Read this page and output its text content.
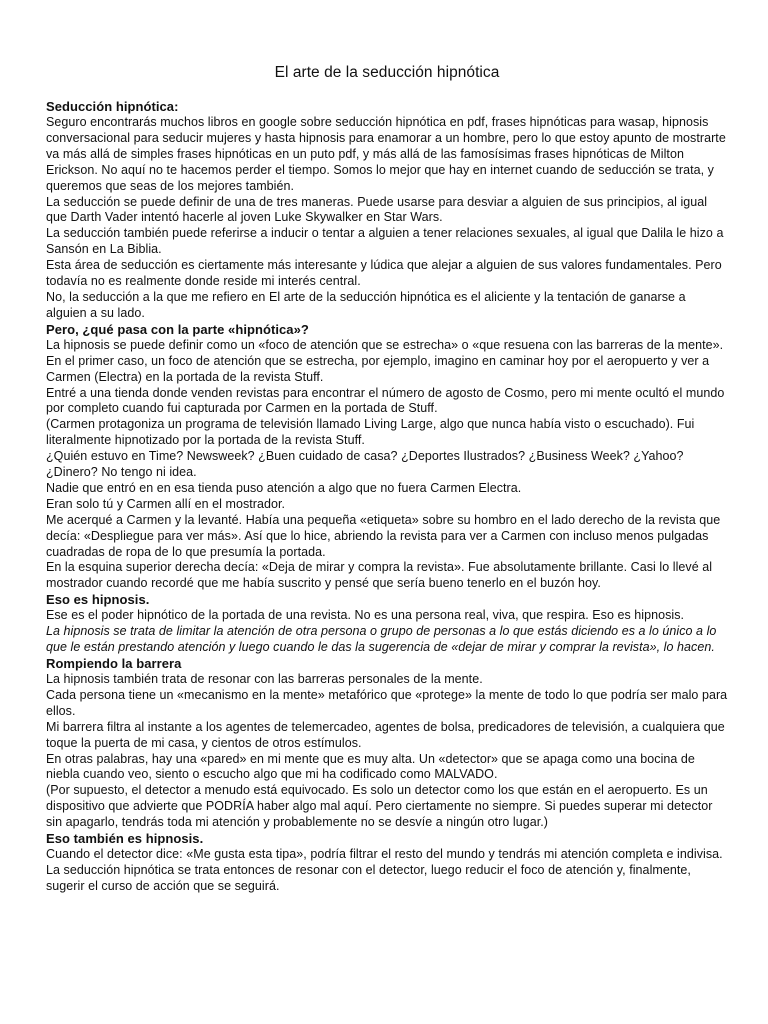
El arte de la seducción hipnótica
Seducción hipnótica:

Seguro encontrarás muchos libros en google sobre seducción hipnótica en pdf, frases hipnóticas para wasap, hipnosis conversacional para seducir mujeres y hasta hipnosis para enamorar a un hombre, pero lo que estoy apunto de mostrarte va más allá de simples frases hipnóticas en un puto pdf, y más allá de las famosísimas frases hipnóticas de Milton Erickson. No aquí no te hacemos perder el tiempo. Somos lo mejor que hay en internet cuando de seducción se trata, y queremos que seas de los mejores también.

La seducción se puede definir de una de tres maneras. Puede usarse para desviar a alguien de sus principios, al igual que Darth Vader intentó hacerle al joven Luke Skywalker en Star Wars.

La seducción también puede referirse a inducir o tentar a alguien a tener relaciones sexuales, al igual que Dalila le hizo a Sansón en La Biblia.

Esta área de seducción es ciertamente más interesante y lúdica que alejar a alguien de sus valores fundamentales. Pero todavía no es realmente donde reside mi interés central.

No, la seducción a la que me refiero en El arte de la seducción hipnótica es el aliciente y la tentación de ganarse a alguien a su lado.

Pero, ¿qué pasa con la parte «hipnótica»?

La hipnosis se puede definir como un «foco de atención que se estrecha» o «que resuena con las barreras de la mente».

En el primer caso, un foco de atención que se estrecha, por ejemplo, imagino en caminar hoy por el aeropuerto y ver a Carmen (Electra) en la portada de la revista Stuff.

Entré a una tienda donde venden revistas para encontrar el número de agosto de Cosmo, pero mi mente ocultó el mundo por completo cuando fui capturada por Carmen en la portada de Stuff.

(Carmen protagoniza un programa de televisión llamado Living Large, algo que nunca había visto o escuchado). Fui literalmente hipnotizado por la portada de la revista Stuff.

¿Quién estuvo en Time? Newsweek? ¿Buen cuidado de casa? ¿Deportes Ilustrados? ¿Business Week? ¿Yahoo? ¿Dinero? No tengo ni idea.

Nadie que entró en en esa tienda puso atención a algo que no fuera Carmen Electra.

Eran solo tú y Carmen allí en el mostrador.

Me acerqué a Carmen y la levanté. Había una pequeña «etiqueta» sobre su hombro en el lado derecho de la revista que decía: «Despliegue para ver más». Así que lo hice, abriendo la revista para ver a Carmen con incluso menos pulgadas cuadradas de ropa de lo que presumía la portada.

En la esquina superior derecha decía: «Deja de mirar y compra la revista». Fue absolutamente brillante. Casi lo llevé al mostrador cuando recordé que me había suscrito y pensé que sería bueno tenerlo en el buzón hoy.

Eso es hipnosis.

Ese es el poder hipnótico de la portada de una revista. No es una persona real, viva, que respira. Eso es hipnosis.

La hipnosis se trata de limitar la atención de otra persona o grupo de personas a lo que estás diciendo es a lo único a lo que le están prestando atención y luego cuando le das la sugerencia de «dejar de mirar y comprar la revista», lo hacen.

Rompiendo la barrera

La hipnosis también trata de resonar con las barreras personales de la mente.

Cada persona tiene un «mecanismo en la mente» metafórico que «protege» la mente de todo lo que podría ser malo para ellos.

Mi barrera filtra al instante a los agentes de telemercadeo, agentes de bolsa, predicadores de televisión, a cualquiera que toque la puerta de mi casa, y cientos de otros estímulos.

En otras palabras, hay una «pared» en mi mente que es muy alta. Un «detector» que se apaga como una bocina de niebla cuando veo, siento o escucho algo que mi ha codificado como MALVADO.

(Por supuesto, el detector a menudo está equivocado. Es solo un detector como los que están en el aeropuerto. Es un dispositivo que advierte que PODRÍA haber algo mal aquí. Pero ciertamente no siempre. Si puedes superar mi detector sin apagarlo, tendrás toda mi atención y probablemente no se desvíe a ningún otro lugar.)

Eso también es hipnosis.

Cuando el detector dice: «Me gusta esta tipa», podría filtrar el resto del mundo y tendrás mi atención completa e indivisa.

La seducción hipnótica se trata entonces de resonar con el detector, luego reducir el foco de atención y, finalmente, sugerir el curso de acción que se seguirá.
